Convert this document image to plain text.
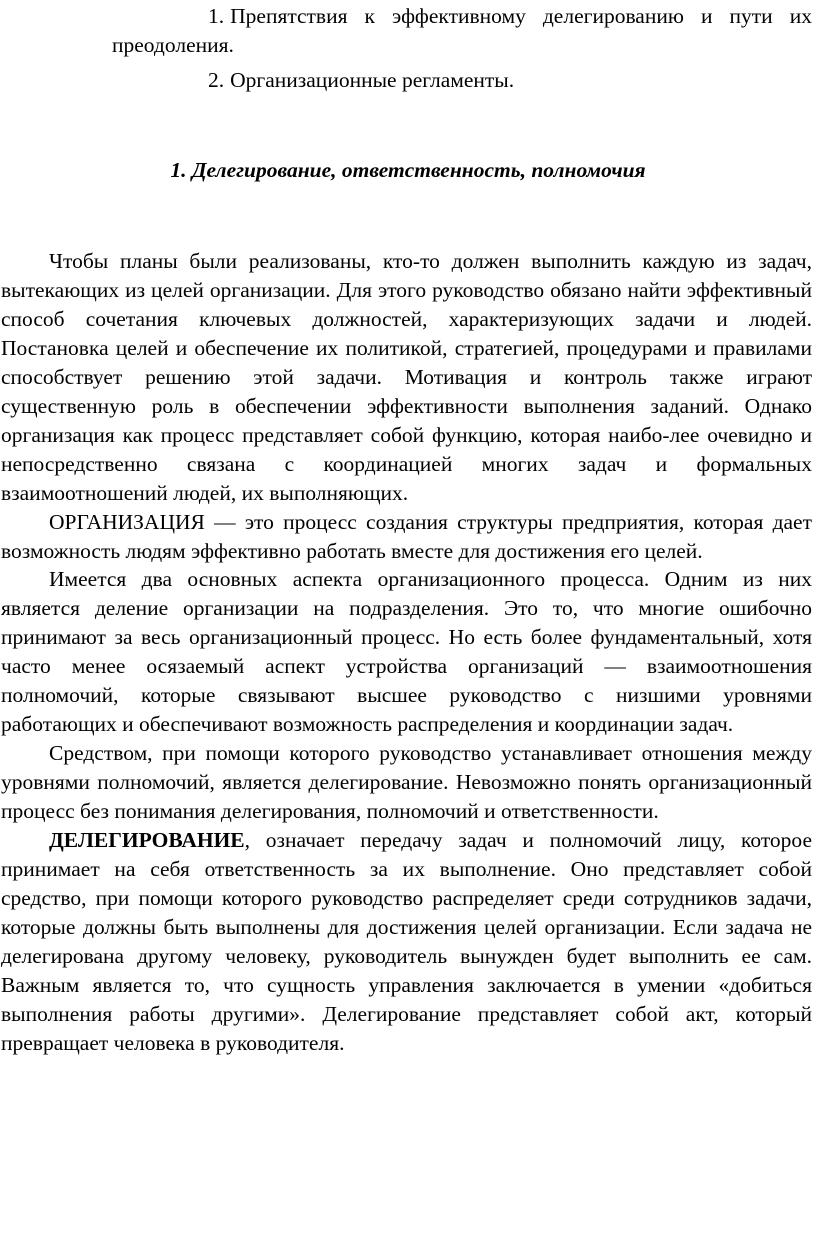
1. Препятствия к эффективному делегированию и пути их преодоления.
2. Организационные регламенты.
1. Делегирование, ответственность, полномочия

Чтобы планы были реализованы, кто-то должен выполнить каждую из задач, вытекающих из целей организации. Для этого руководство обязано найти эффективный способ сочетания ключевых должностей, характеризующих задачи и людей. Постановка целей и обеспечение их политикой, стратегией, процедурами и правилами способствует решению этой задачи. Мотивация и контроль также играют существенную роль в обеспечении эффективности выполнения заданий. Однако организация как процесс представляет собой функцию, которая наибо-лее очевидно и непосредственно связана с координацией многих задач и формальных взаимоотношений людей, их выполняющих.

ОРГАНИЗАЦИЯ — это процесс создания структуры предприятия, которая дает возможность людям эффективно работать вместе для достижения его целей.

Имеется два основных аспекта организационного процесса. Одним из них является деление организации на подразделения. Это то, что многие ошибочно принимают за весь организационный процесс. Но есть более фундаментальный, хотя часто менее осязаемый аспект устройства организаций — взаимоотношения полномочий, которые связывают высшее руководство с низшими уровнями работающих и обеспечивают возможность распределения и координации задач.

Средством, при помощи которого руководство устанавливает отношения между уровнями полномочий, является делегирование. Невозможно понять организационный процесс без понимания делегирования, полномочий и ответственности.

ДЕЛЕГИРОВАНИЕ, означает передачу задач и полномочий лицу, которое принимает на себя ответственность за их выполнение. Оно представляет собой средство, при помощи которого руководство распределяет среди сотрудников задачи, которые должны быть выполнены для достижения целей организации. Если задача не делегирована другому человеку, руководитель вынужден будет выполнить ее сам. Важным является то, что сущность управления заключается в умении «добиться выполнения работы другими». Делегирование представляет собой акт, который превращает человека в руководителя.
